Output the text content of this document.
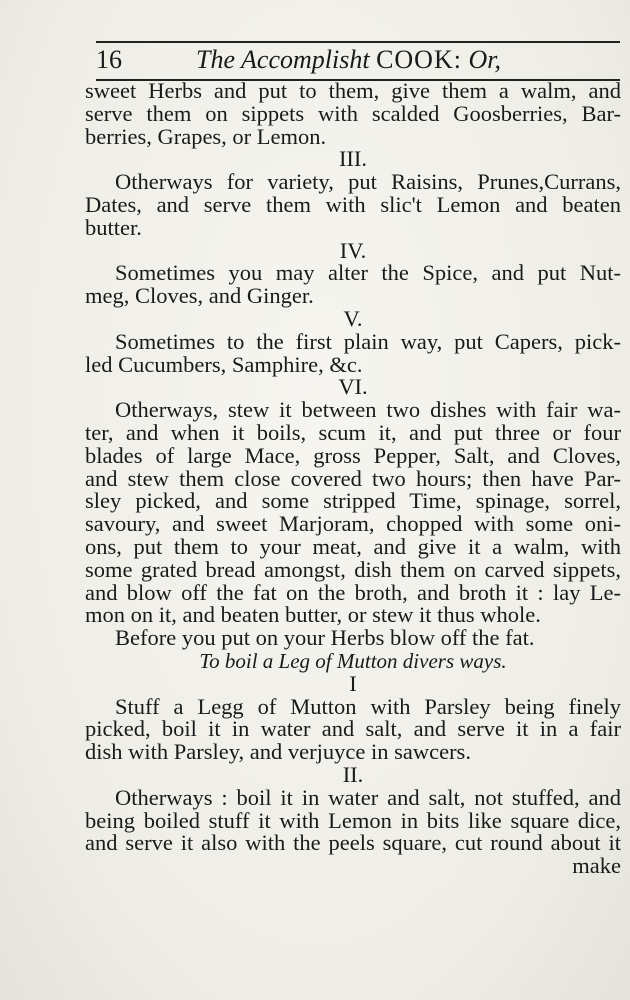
16	The Accomplisht COOK: Or,
sweet Herbs and put to them, give them a walm, and
serve them on sippets with scalded Goosberries, Bar-
berries, Grapes, or Lemon.
III.
Otherways for variety, put Raisins, Prunes,Currans,
Dates, and serve them with slic't Lemon and beaten
butter.
IV.
Sometimes you may alter the Spice, and put Nut-
meg, Cloves, and Ginger.
V.
Sometimes to the first plain way, put Capers, pick-
led Cucumbers, Samphire, &c.
VI.
Otherways, stew it between two dishes with fair wa-
ter, and when it boils, scum it, and put three or four
blades of large Mace, gross Pepper, Salt, and Cloves,
and stew them close covered two hours; then have Par-
sley picked, and some stripped Time, spinage, sorrel,
savoury, and sweet Marjoram, chopped with some oni-
ons, put them to your meat, and give it a walm, with
some grated bread amongst, dish them on carved sippets,
and blow off the fat on the broth, and broth it : lay Le-
mon on it, and beaten butter, or stew it thus whole.
Before you put on your Herbs blow off the fat.
To boil a Leg of Mutton divers ways.
I
Stuff a Legg of Mutton with Parsley being finely
picked, boil it in water and salt, and serve it in a fair
dish with Parsley, and verjuyce in sawcers.
II.
Otherways : boil it in water and salt, not stuffed, and
being boiled stuff it with Lemon in bits like square dice,
and serve it also with the peels square, cut round about it
make
